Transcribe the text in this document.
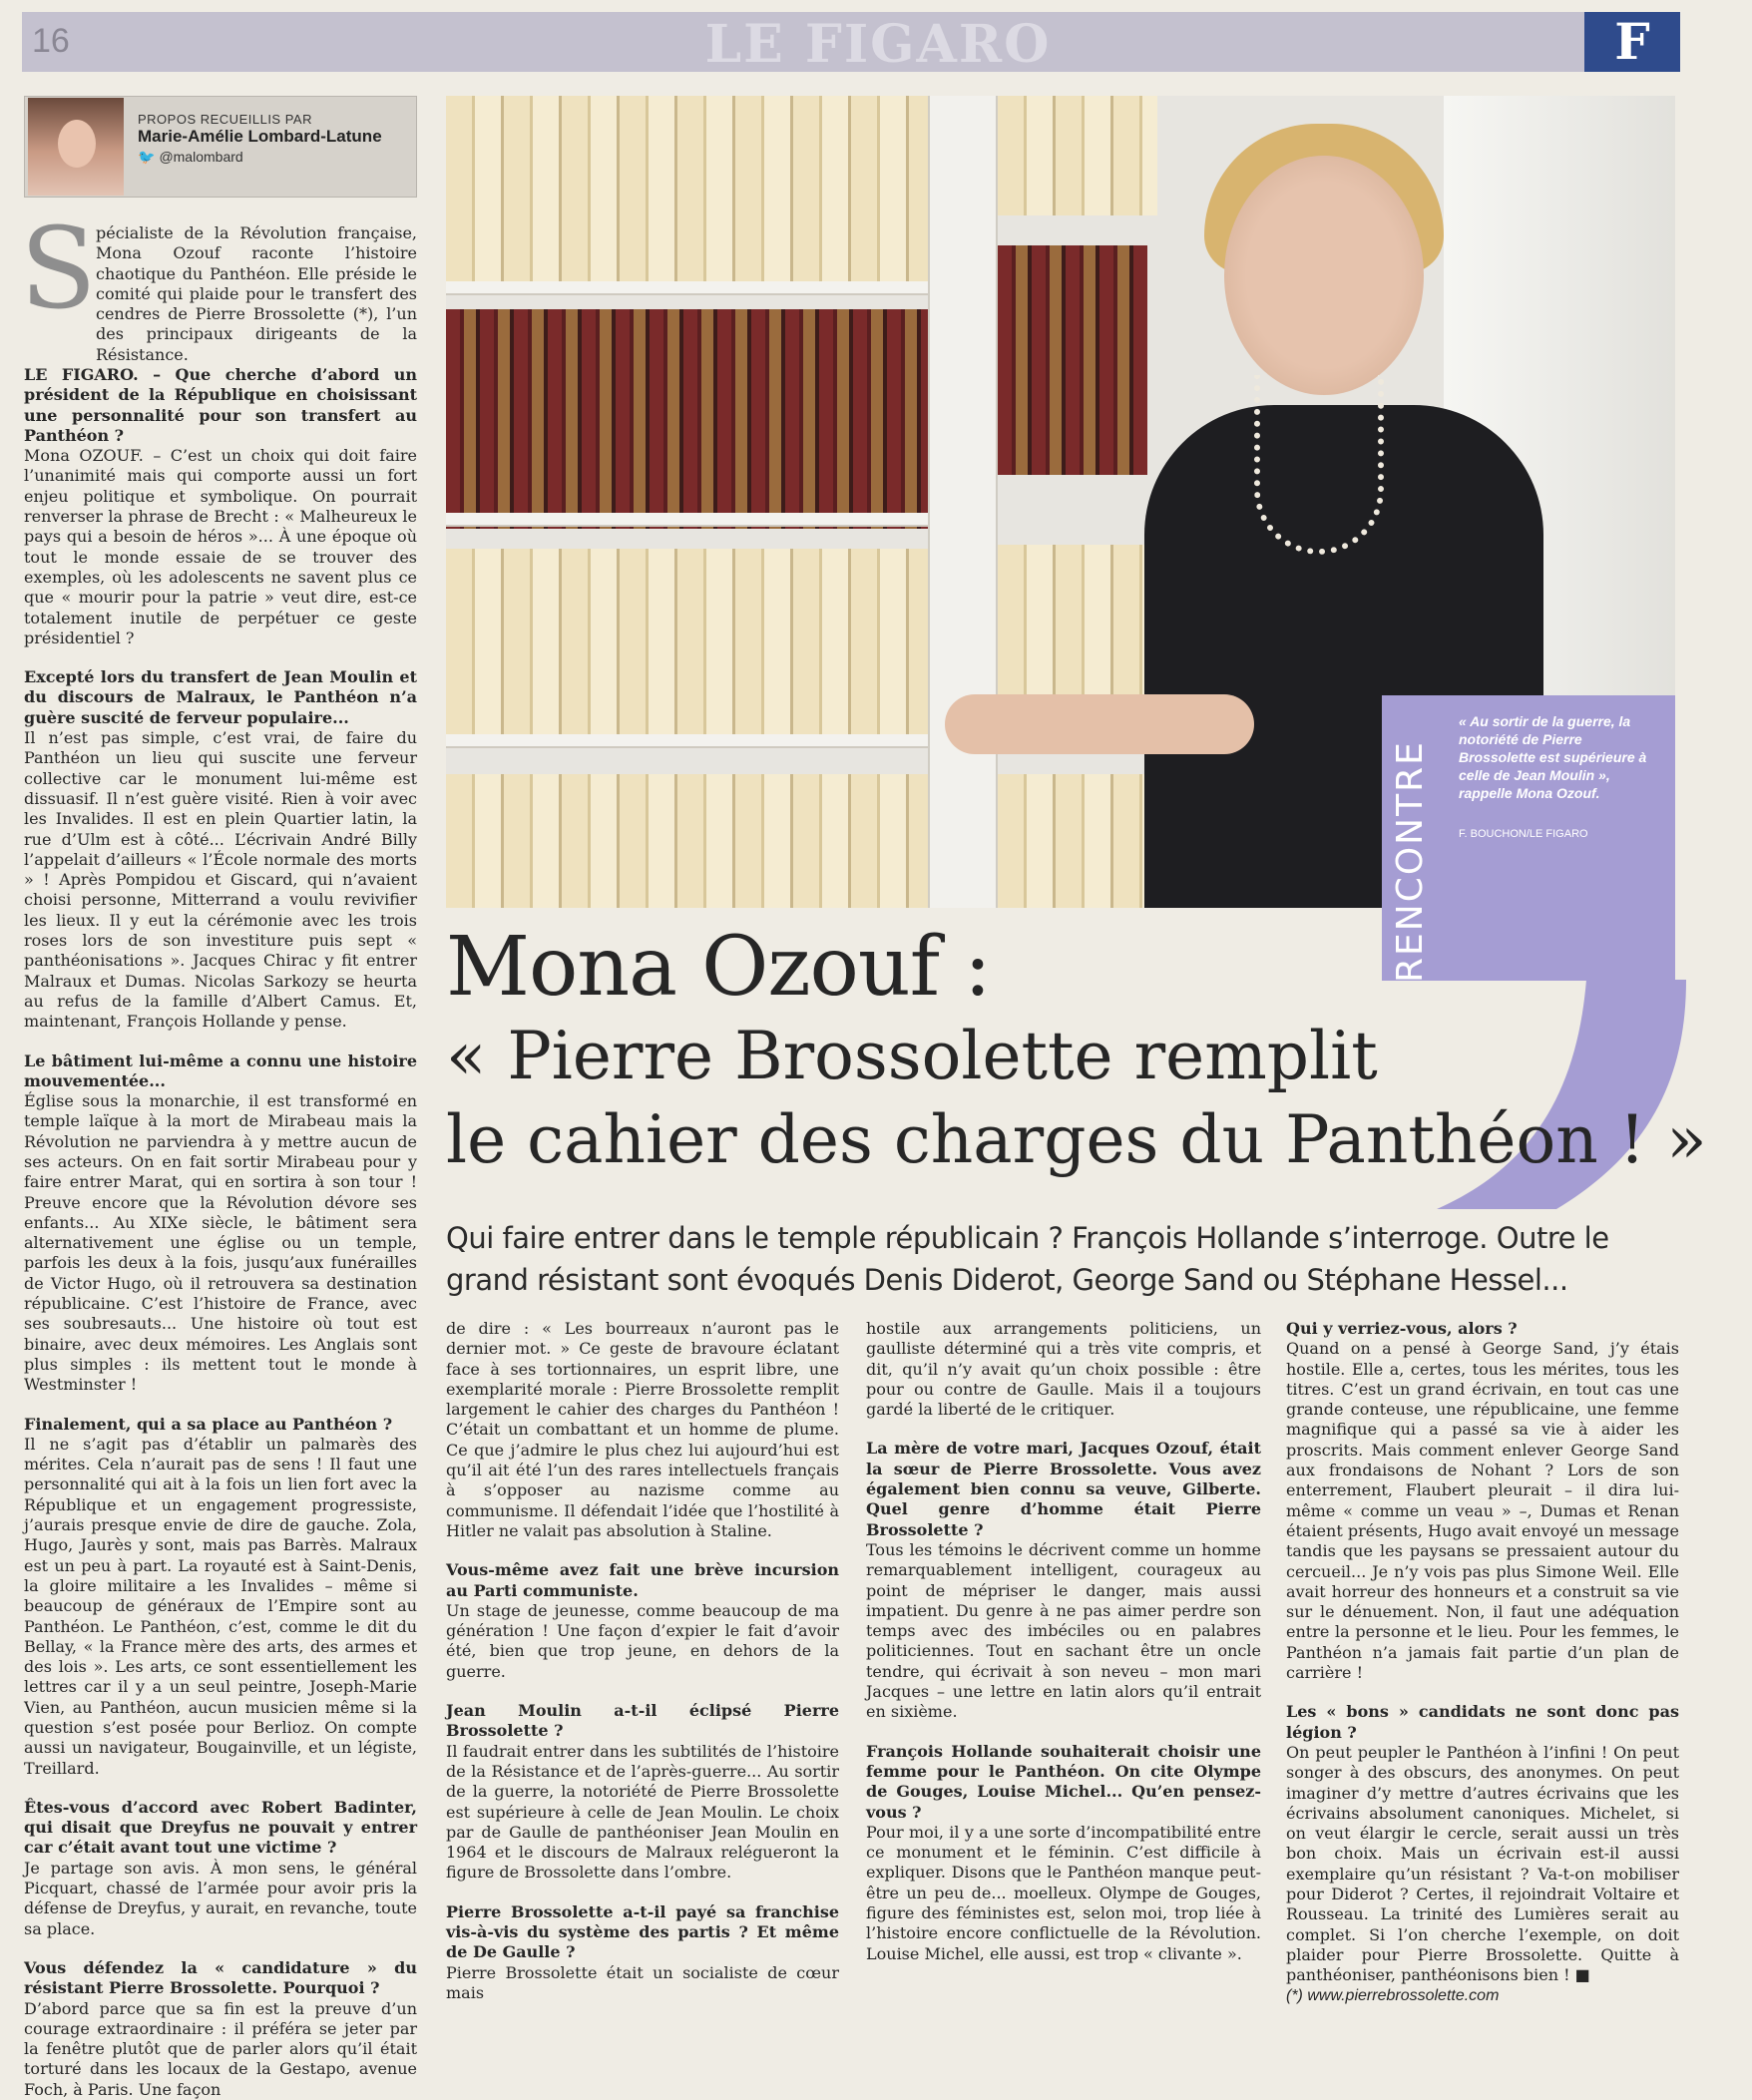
16	LE FIGARO	F
PROPOS RECUEILLIS PAR
Marie-Amélie Lombard-Latune
🐦 @malombard
RENCONTRE
« Au sortir de la guerre, la notoriété de Pierre Brossolette est supérieure à celle de Jean Moulin », rappelle Mona Ozouf.
F. BOUCHON/LE FIGARO
Mona Ozouf :
« Pierre Brossolette remplit
le cahier des charges du Panthéon ! »
Qui faire entrer dans le temple républicain ? François Hollande s’interroge. Outre le grand résistant sont évoqués Denis Diderot, George Sand ou Stéphane Hessel...
S pécialiste de la Révolution française, Mona Ozouf raconte l’histoire chaotique du Panthéon. Elle préside le comité qui plaide pour le transfert des cendres de Pierre Brossolette (*), l’un des principaux dirigeants de la Résistance.

LE FIGARO. – Que cherche d’abord un président de la République en choisissant une personnalité pour son transfert au Panthéon ?

Mona OZOUF. – C’est un choix qui doit faire l’unanimité mais qui comporte aussi un fort enjeu politique et symbolique. On pourrait renverser la phrase de Brecht : « Malheureux le pays qui a besoin de héros »... À une époque où tout le monde essaie de se trouver des exemples, où les adolescents ne savent plus ce que « mourir pour la patrie » veut dire, est-ce totalement inutile de perpétuer ce geste présidentiel ?

Excepté lors du transfert de Jean Moulin et du discours de Malraux, le Panthéon n’a guère suscité de ferveur populaire...

Il n’est pas simple, c’est vrai, de faire du Panthéon un lieu qui suscite une ferveur collective car le monument lui-même est dissuasif. Il n’est guère visité. Rien à voir avec les Invalides. Il est en plein Quartier latin, la rue d’Ulm est à côté... L’écrivain André Billy l’appelait d’ailleurs « l’École normale des morts » ! Après Pompidou et Giscard, qui n’avaient choisi personne, Mitterrand a voulu revivifier les lieux. Il y eut la cérémonie avec les trois roses lors de son investiture puis sept « panthéonisations ». Jacques Chirac y fit entrer Malraux et Dumas. Nicolas Sarkozy se heurta au refus de la famille d’Albert Camus. Et, maintenant, François Hollande y pense.

Le bâtiment lui-même a connu une histoire mouvementée...

Église sous la monarchie, il est transformé en temple laïque à la mort de Mirabeau mais la Révolution ne parviendra à y mettre aucun de ses acteurs. On en fait sortir Mirabeau pour y faire entrer Marat, qui en sortira à son tour ! Preuve encore que la Révolution dévore ses enfants... Au XIXe siècle, le bâtiment sera alternativement une église ou un temple, parfois les deux à la fois, jusqu’aux funérailles de Victor Hugo, où il retrouvera sa destination républicaine. C’est l’histoire de France, avec ses soubresauts... Une histoire où tout est binaire, avec deux mémoires. Les Anglais sont plus simples : ils mettent tout le monde à Westminster !

Finalement, qui a sa place au Panthéon ?

Il ne s’agit pas d’établir un palmarès des mérites. Cela n’aurait pas de sens ! Il faut une personnalité qui ait à la fois un lien fort avec la République et un engagement progressiste, j’aurais presque envie de dire de gauche. Zola, Hugo, Jaurès y sont, mais pas Barrès. Malraux est un peu à part. La royauté est à Saint-Denis, la gloire militaire a les Invalides – même si beaucoup de généraux de l’Empire sont au Panthéon. Le Panthéon, c’est, comme le dit du Bellay, « la France mère des arts, des armes et des lois ». Les arts, ce sont essentiellement les lettres car il y a un seul peintre, Joseph-Marie Vien, au Panthéon, aucun musicien même si la question s’est posée pour Berlioz. On compte aussi un navigateur, Bougainville, et un légiste, Treillard.

Êtes-vous d’accord avec Robert Badinter, qui disait que Dreyfus ne pouvait y entrer car c’était avant tout une victime ?

Je partage son avis. À mon sens, le général Picquart, chassé de l’armée pour avoir pris la défense de Dreyfus, y aurait, en revanche, toute sa place.

Vous défendez la « candidature » du résistant Pierre Brossolette. Pourquoi ?

D’abord parce que sa fin est la preuve d’un courage extraordinaire : il préféra se jeter par la fenêtre plutôt que de parler alors qu’il était torturé dans les locaux de la Gestapo, avenue Foch, à Paris. Une façon

de dire : « Les bourreaux n’auront pas le dernier mot. » Ce geste de bravoure éclatant face à ses tortionnaires, un esprit libre, une exemplarité morale : Pierre Brossolette remplit largement le cahier des charges du Panthéon ! C’était un combattant et un homme de plume. Ce que j’admire le plus chez lui aujourd’hui est qu’il ait été l’un des rares intellectuels français à s’opposer au nazisme comme au communisme. Il défendait l’idée que l’hostilité à Hitler ne valait pas absolution à Staline.

Vous-même avez fait une brève incursion au Parti communiste.

Un stage de jeunesse, comme beaucoup de ma génération ! Une façon d’expier le fait d’avoir été, bien que trop jeune, en dehors de la guerre.

Jean Moulin a-t-il éclipsé Pierre Brossolette ?

Il faudrait entrer dans les subtilités de l’histoire de la Résistance et de l’après-guerre... Au sortir de la guerre, la notoriété de Pierre Brossolette est supérieure à celle de Jean Moulin. Le choix par de Gaulle de panthéoniser Jean Moulin en 1964 et le discours de Malraux relégueront la figure de Brossolette dans l’ombre.

Pierre Brossolette a-t-il payé sa franchise vis-à-vis du système des partis ? Et même de De Gaulle ?

Pierre Brossolette était un socialiste de cœur mais

hostile aux arrangements politiciens, un gaulliste déterminé qui a très vite compris, et dit, qu’il n’y avait qu’un choix possible : être pour ou contre de Gaulle. Mais il a toujours gardé la liberté de le critiquer.

La mère de votre mari, Jacques Ozouf, était la sœur de Pierre Brossolette. Vous avez également bien connu sa veuve, Gilberte. Quel genre d’homme était Pierre Brossolette ?

Tous les témoins le décrivent comme un homme remarquablement intelligent, courageux au point de mépriser le danger, mais aussi impatient. Du genre à ne pas aimer perdre son temps avec des imbéciles ou en palabres politiciennes. Tout en sachant être un oncle tendre, qui écrivait à son neveu – mon mari Jacques – une lettre en latin alors qu’il entrait en sixième.

François Hollande souhaiterait choisir une femme pour le Panthéon. On cite Olympe de Gouges, Louise Michel... Qu’en pensez-vous ?

Pour moi, il y a une sorte d’incompatibilité entre ce monument et le féminin. C’est difficile à expliquer. Disons que le Panthéon manque peut-être un peu de... moelleux. Olympe de Gouges, figure des féministes est, selon moi, trop liée à l’histoire encore conflictuelle de la Révolution. Louise Michel, elle aussi, est trop « clivante ».

Qui y verriez-vous, alors ?

Quand on a pensé à George Sand, j’y étais hostile. Elle a, certes, tous les mérites, tous les titres. C’est un grand écrivain, en tout cas une grande conteuse, une républicaine, une femme magnifique qui a passé sa vie à aider les proscrits. Mais comment enlever George Sand aux frondaisons de Nohant ? Lors de son enterrement, Flaubert pleurait – il dira lui-même « comme un veau » –, Dumas et Renan étaient présents, Hugo avait envoyé un message tandis que les paysans se pressaient autour du cercueil... Je n’y vois pas plus Simone Weil. Elle avait horreur des honneurs et a construit sa vie sur le dénuement. Non, il faut une adéquation entre la personne et le lieu. Pour les femmes, le Panthéon n’a jamais fait partie d’un plan de carrière !

Les « bons » candidats ne sont donc pas légion ?

On peut peupler le Panthéon à l’infini ! On peut songer à des obscurs, des anonymes. On peut imaginer d’y mettre d’autres écrivains que les écrivains absolument canoniques. Michelet, si on veut élargir le cercle, serait aussi un très bon choix. Mais un écrivain est-il aussi exemplaire qu’un résistant ? Va-t-on mobiliser pour Diderot ? Certes, il rejoindrait Voltaire et Rousseau. La trinité des Lumières serait au complet. Si l’on cherche l’exemple, on doit plaider pour Pierre Brossolette. Quitte à panthéoniser, panthéonisons bien ! ■

(*) www.pierrebrossolette.com
